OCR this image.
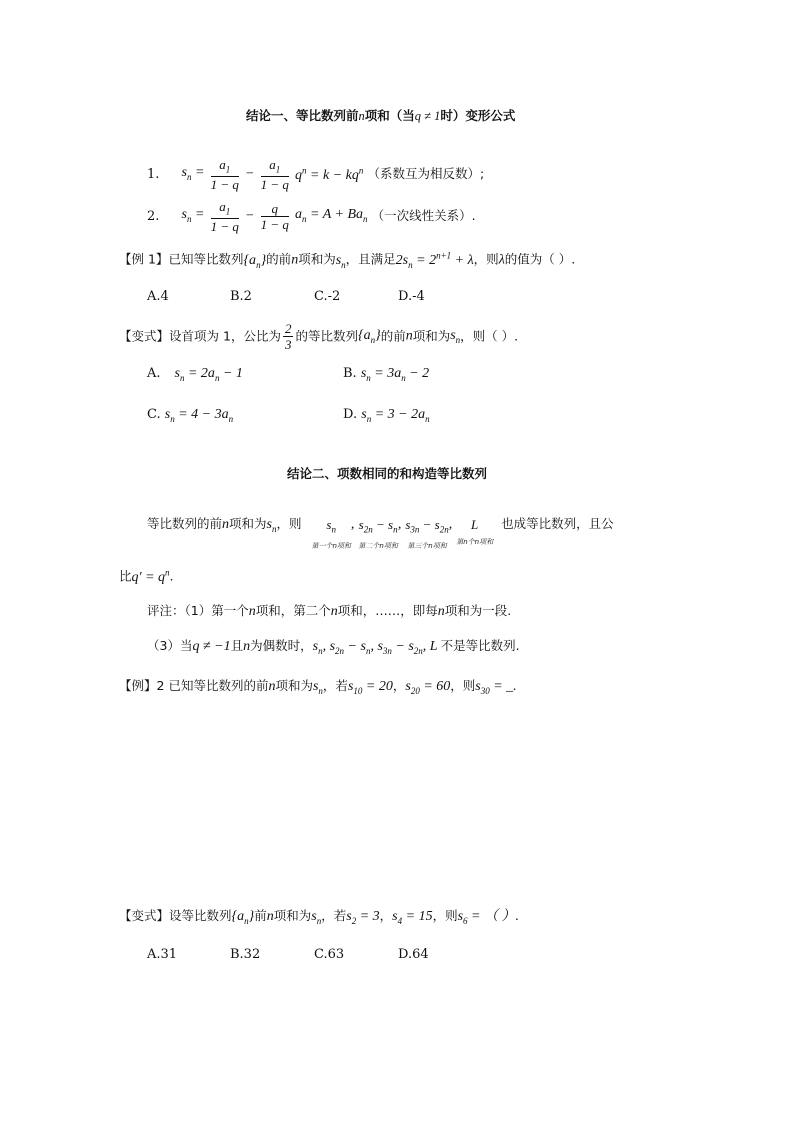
结论一、等比数列前n项和（当q ≠ 1时）变形公式
1. $s_n = \frac{a_1}{1 - q} - \frac{a_1}{1 - q} q^n = k - kq^n$ （系数互为相反数）;
2. $s_n = \frac{a_1}{1 - q} - \frac{q}{1 - q} a_n = A + Ba_n$ （一次线性关系）.
【例 1】已知等比数列$\{a_n\}$的前n项和为$s_n$，且满足$2s_n = 2^{n+1} + \lambda$，则λ的值为（ ）.
A.4	B.2	C.-2	D.-4
【变式】设首项为 1，公比为 $\frac{2}{3}$ 的等比数列$\{a_n\}$的前n项和为$s_n$，则（ ）.
A. $s_n = 2a_n - 1$	B. $s_n = 3a_n - 2$
C. $s_n = 4 - 3a_n$	D. $s_n = 3 - 2a_n$
结论二、项数相同的和构造等比数列
等比数列的前n项和为$s_n$，则 $s_n$
第一个n项和
, $s_{2n} - s_n$
第二个n项和
, $s_{3n} - s_{2n}$
第三个n项和
, L
第n个n项和
也成等比数列，且公
比$q' = q^n$.
评注：（1）第一个n项和，第二个n项和，……，即每n项和为一段.
（3）当q ≠ −1且n为偶数时，$s_n$, $s_{2n} - s_n$, $s_{3n} - s_{2n}$, L 不是等比数列.
【例】2 已知等比数列的前n项和为$s_n$，若$s_{10} = 20$，$s_{20} = 60$，则$s_{30}$ = _.
【变式】设等比数列$\{a_n\}$前n项和为$s_n$，若$s_2 = 3$，$s_4 = 15$，则$s_6$ = （ ）.
A.31	B.32	C.63	D.64
